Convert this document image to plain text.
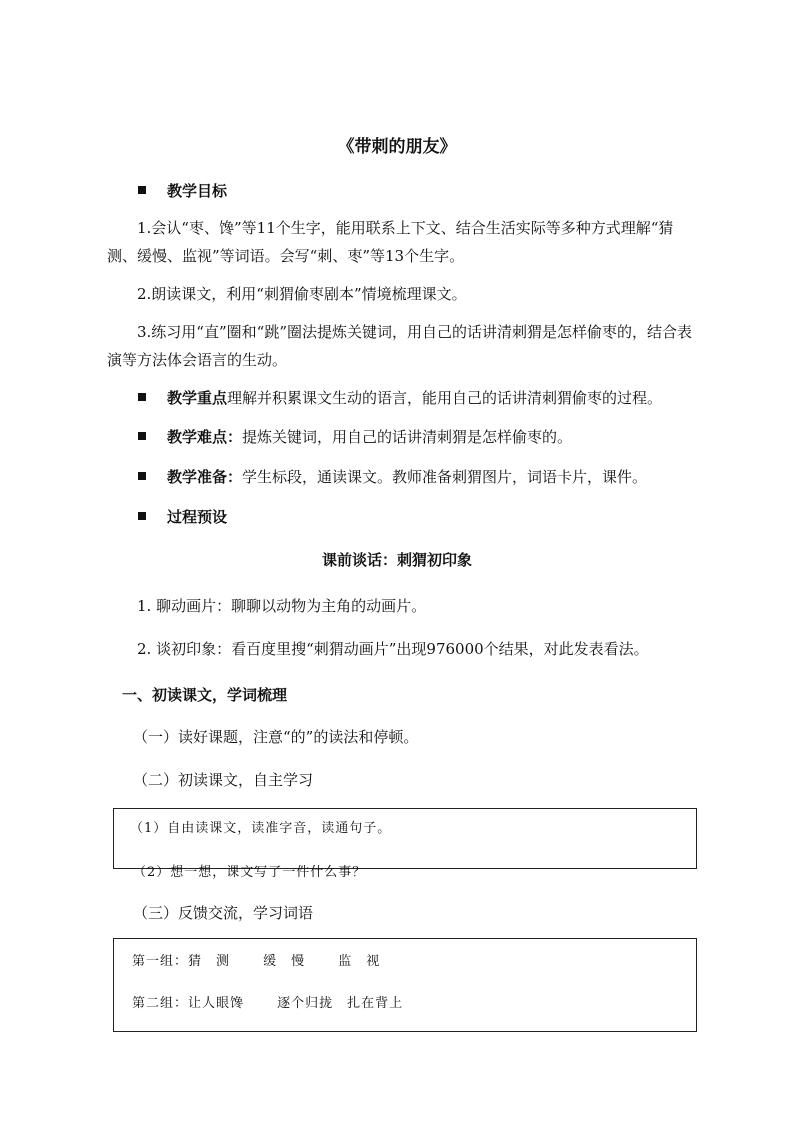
《带刺的朋友》
教学目标

1.会认“枣、馋”等11个生字，能用联系上下文、结合生活实际等多种方式理解“猜测、缓慢、监视”等词语。会写“刺、枣”等13个生字。

2.朗读课文，利用“刺猬偷枣剧本”情境梳理课文。

3.练习用“直”圈和“跳”圈法提炼关键词，用自己的话讲清刺猬是怎样偷枣的，结合表演等方法体会语言的生动。

教学重点理解并积累课文生动的语言，能用自己的话讲清刺猬偷枣的过程。
教学难点：提炼关键词，用自己的话讲清刺猬是怎样偷枣的。
教学准备：学生标段，通读课文。教师准备刺猬图片，词语卡片，课件。
过程预设
课前谈话：刺猬初印象

1. 聊动画片：聊聊以动物为主角的动画片。

2. 谈初印象：看百度里搜“刺猬动画片”出现976000个结果，对此发表看法。

一、初读课文，学词梳理

（一）读好课题，注意“的”的读法和停顿。

（二）初读课文，自主学习

（1）自由读课文，读准字音，读通句子。
（2）想一想，课文写了一件什么事？

（三）反馈交流，学习词语

第一组：猜　测　　 缓　慢　　 监　视
第二组：让人眼馋　　 逐个归拢　扎在背上
